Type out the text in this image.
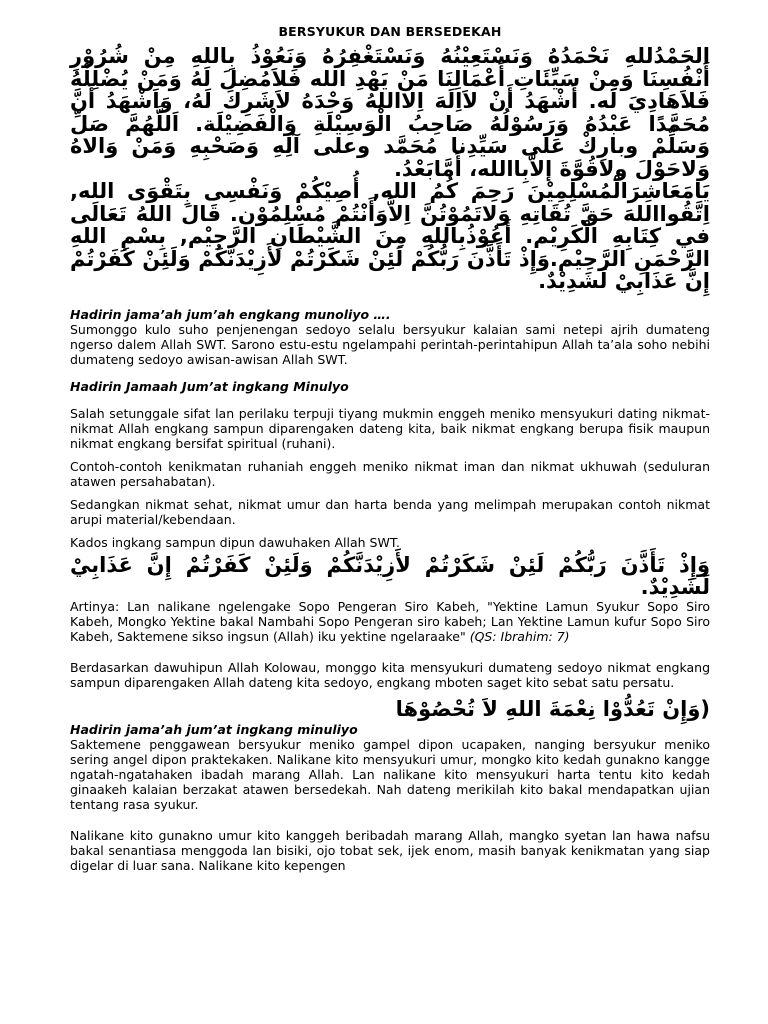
BERSYUKUR DAN BERSEDEKAH

الحَمْدُللهِ نَحْمَدُهُ وَنَسْتَعِيْنُهُ وَنَسْتَغْفِرُهُ وَنَعُوْذُ بِاللهِ مِنْ شُرُوْرِ أَنْفُسِنَا وَمِنْ سَيِّئَاتِ أَعْمَالِنَا مَنْ يَهْدِ الله فَلاَمُضِلَ لَهُ وَمَنْ يُضْلِلْهُ فَلاَهَادِيَ لَه. أَشْهَدُ أَنْ لاَاِلَهَ اِلااللهُ وَحْدَهُ لاَشَرِكَ لَهُ، وَاَشْهَدُ أَنَّ مُحَمَّدًا عَبْدُهُ وَرَسُوْلُهُ صَاحِبُ الْوَسِيْلَةِ وَالْفَضِيْلَة. اَللَّهُمَّ صَلِّ وَسَلِّمْ وبارِكْ عَلَى سَيِّدِنا مُحَمَّد وعلى آلِهِ وَصَحْبِهِ وَمَنْ وَالاهُ وَلاحَوْلَ ولاقُوَّةَ إلاَّبِاالله، أَمَّابَعْدُ.

يَامَعَاشِرَالْمُسْلِمِيْنَ رَحِمَ كُمُ الله, أُصِيْكُمْ وَنَفْسِى بِتَقْوَى الله, اِتَّقُوااللهَ حَقَّ تُقَاتِهِ وَلاتَمُوْتُنَّ اِلاَّوَأَنْتُمْ مُسْلِمُوْن. قَالَ اللهُ تَعَالَى في كِتَابِهِ الْكَرِيْم. أَعُوْذُبِاللهِ مِنَ الشَّيْطَانِ الرَّجِيْم, بِسْمِ اللهِ الرَّحْمَنِ الرَّحِيْم.وَإِذْ تَأَذَّنَ رَبُّكُمْ لَئِنْ شَكَرْتُمْ لأَزِيْدَنَّكُمْ وَلَئِنْ كَفَرْتُمْ إِنَّ عَذَابِيْ لَشَدِيْدٌ.

Hadirin jama’ah jum’ah engkang munoliyo ….

Sumonggo kulo suho penjenengan sedoyo selalu bersyukur kalaian sami netepi ajrih dumateng ngerso dalem Allah SWT. Sarono estu-estu ngelampahi perintah-perintahipun Allah ta’ala soho nebihi dumateng sedoyo awisan-awisan Allah SWT.

Hadirin Jamaah Jum’at ingkang Minulyo

Salah setunggale sifat lan perilaku terpuji tiyang mukmin enggeh meniko mensyukuri dating nikmat-nikmat Allah engkang sampun diparengaken dateng kita, baik nikmat engkang berupa fisik maupun nikmat engkang bersifat spiritual (ruhani).

Contoh-contoh kenikmatan ruhaniah enggeh meniko nikmat iman dan nikmat ukhuwah (seduluran atawen persahabatan).

Sedangkan nikmat sehat, nikmat umur dan harta benda yang melimpah merupakan contoh nikmat arupi material/kebendaan.

Kados ingkang sampun dipun dawuhaken Allah SWT.

وَإِذْ تَأَذَّنَ رَبُّكُمْ لَئِنْ شَكَرْتُمْ لأَزِيْدَنَّكُمْ وَلَئِنْ كَفَرْتُمْ إِنَّ عَذَابِيْ لَشَدِيْدٌ.

Artinya: Lan nalikane ngelengake Sopo Pengeran Siro Kabeh, "Yektine Lamun Syukur Sopo Siro Kabeh, Mongko Yektine bakal Nambahi Sopo Pengeran siro kabeh; Lan Yektine Lamun kufur Sopo Siro Kabeh, Saktemene sikso ingsun (Allah) iku yektine ngelaraake" (QS: Ibrahim: 7)

Berdasarkan dawuhipun Allah Kolowau, monggo kita mensyukuri dumateng sedoyo nikmat engkang sampun diparengaken Allah dateng kita sedoyo, engkang mboten saget kito sebat satu persatu.

(وَإِنْ تَعُدُّوْا نِعْمَةَ اللهِ لاَ تُحْصُوْهَا

Hadirin jama’ah jum’at ingkang minuliyo

Saktemene penggawean bersyukur meniko gampel dipon ucapaken, nanging bersyukur meniko sering angel dipon praktekaken. Nalikane kito mensyukuri umur, mongko kito kedah gunakno kangge ngatah-ngatahaken ibadah marang Allah. Lan nalikane kito mensyukuri harta tentu kito kedah ginaakeh kalaian berzakat atawen bersedekah. Nah dateng merikilah kito bakal mendapatkan ujian tentang rasa syukur.

Nalikane kito gunakno umur kito kanggeh beribadah marang Allah, mangko syetan lan hawa nafsu bakal senantiasa menggoda lan bisiki, ojo tobat sek, ijek enom, masih banyak kenikmatan yang siap digelar di luar sana. Nalikane kito kepengen
